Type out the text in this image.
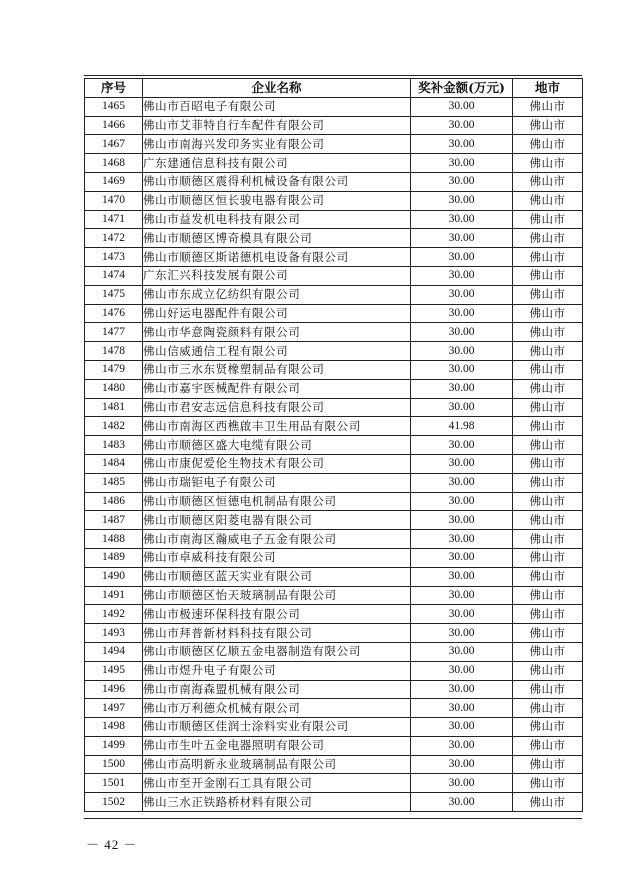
序号	企业名称	奖补金额(万元)	地市
1465	佛山市百昭电子有限公司	30.00	佛山市
1466	佛山市艾菲特自行车配件有限公司	30.00	佛山市
1467	佛山市南海兴发印务实业有限公司	30.00	佛山市
1468	广东建通信息科技有限公司	30.00	佛山市
1469	佛山市顺德区震得利机械设备有限公司	30.00	佛山市
1470	佛山市顺德区恒长骏电器有限公司	30.00	佛山市
1471	佛山市益发机电科技有限公司	30.00	佛山市
1472	佛山市顺德区博奇模具有限公司	30.00	佛山市
1473	佛山市顺德区斯诺德机电设备有限公司	30.00	佛山市
1474	广东汇兴科技发展有限公司	30.00	佛山市
1475	佛山市东成立亿纺织有限公司	30.00	佛山市
1476	佛山好运电器配件有限公司	30.00	佛山市
1477	佛山市华意陶瓷颜料有限公司	30.00	佛山市
1478	佛山信威通信工程有限公司	30.00	佛山市
1479	佛山市三水东贤橡塑制品有限公司	30.00	佛山市
1480	佛山市嘉宇医械配件有限公司	30.00	佛山市
1481	佛山市君安志远信息科技有限公司	30.00	佛山市
1482	佛山市南海区西樵啟丰卫生用品有限公司	41.98	佛山市
1483	佛山市顺德区盛大电缆有限公司	30.00	佛山市
1484	佛山市康伲爱伦生物技术有限公司	30.00	佛山市
1485	佛山市瑞钜电子有限公司	30.00	佛山市
1486	佛山市顺德区恒德电机制品有限公司	30.00	佛山市
1487	佛山市顺德区阳菱电器有限公司	30.00	佛山市
1488	佛山市南海区瀚威电子五金有限公司	30.00	佛山市
1489	佛山市卓威科技有限公司	30.00	佛山市
1490	佛山市顺德区蓝天实业有限公司	30.00	佛山市
1491	佛山市顺德区怡天玻璃制品有限公司	30.00	佛山市
1492	佛山市极速环保科技有限公司	30.00	佛山市
1493	佛山市拜普新材料科技有限公司	30.00	佛山市
1494	佛山市顺德区亿顺五金电器制造有限公司	30.00	佛山市
1495	佛山市煜升电子有限公司	30.00	佛山市
1496	佛山市南海森盟机械有限公司	30.00	佛山市
1497	佛山市万利德众机械有限公司	30.00	佛山市
1498	佛山市顺德区佳润士涂料实业有限公司	30.00	佛山市
1499	佛山市生叶五金电器照明有限公司	30.00	佛山市
1500	佛山市高明新永业玻璃制品有限公司	30.00	佛山市
1501	佛山市至开金刚石工具有限公司	30.00	佛山市
1502	佛山三水正铁路桥材料有限公司	30.00	佛山市
－ 42 －
